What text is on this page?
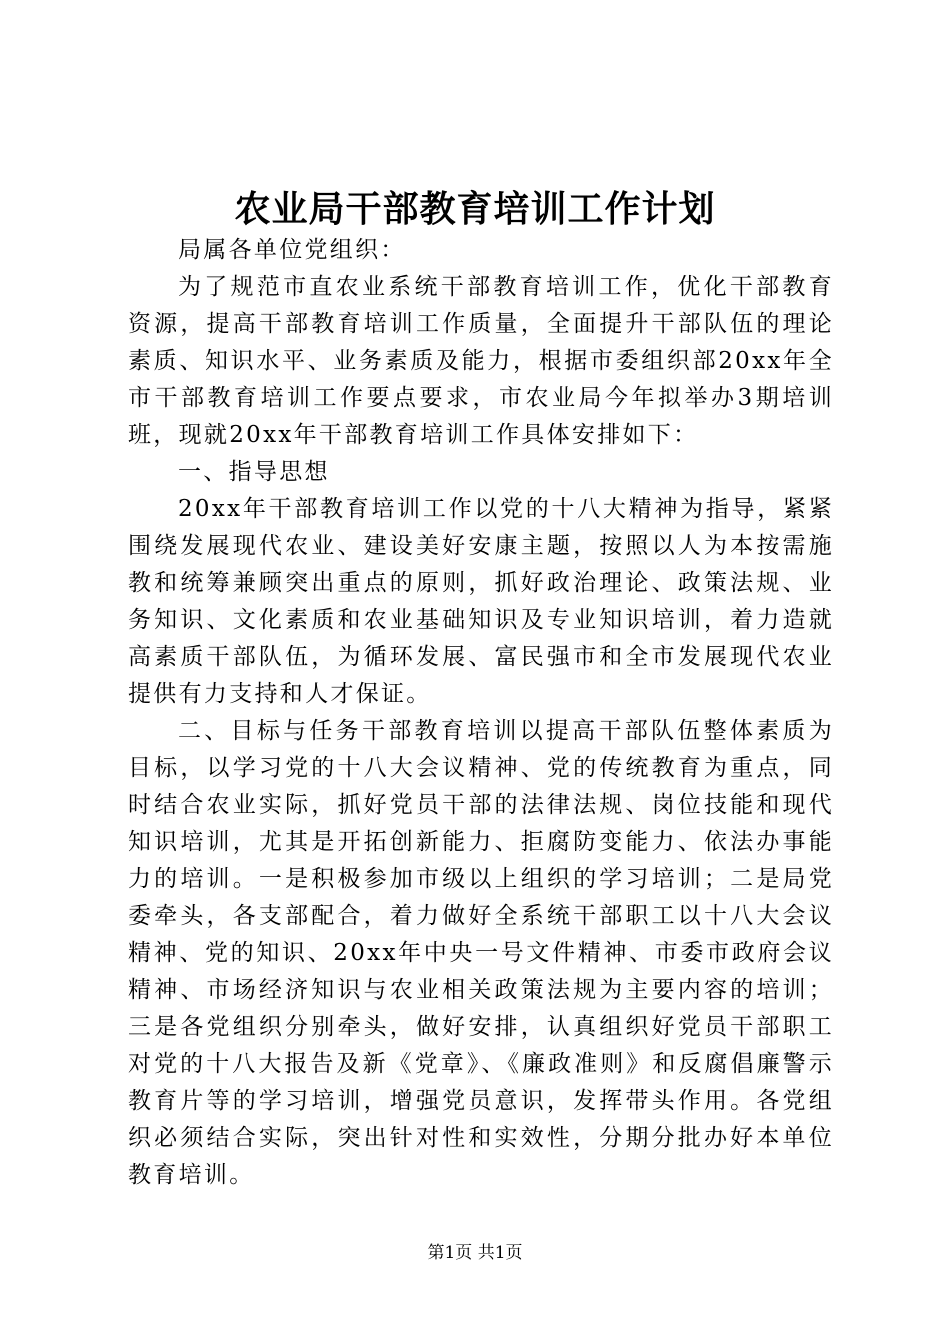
农业局干部教育培训工作计划

局属各单位党组织：

为了规范市直农业系统干部教育培训工作，优化干部教育资源，提高干部教育培训工作质量，全面提升干部队伍的理论素质、知识水平、业务素质及能力，根据市委组织部20xx年全市干部教育培训工作要点要求，市农业局今年拟举办3期培训班，现就20xx年干部教育培训工作具体安排如下：

一、指导思想

20xx年干部教育培训工作以党的十八大精神为指导，紧紧围绕发展现代农业、建设美好安康主题，按照以人为本按需施教和统筹兼顾突出重点的原则，抓好政治理论、政策法规、业务知识、文化素质和农业基础知识及专业知识培训，着力造就高素质干部队伍，为循环发展、富民强市和全市发展现代农业提供有力支持和人才保证。

二、目标与任务干部教育培训以提高干部队伍整体素质为目标，以学习党的十八大会议精神、党的传统教育为重点，同时结合农业实际，抓好党员干部的法律法规、岗位技能和现代知识培训，尤其是开拓创新能力、拒腐防变能力、依法办事能力的培训。一是积极参加市级以上组织的学习培训；二是局党委牵头，各支部配合，着力做好全系统干部职工以十八大会议精神、党的知识、20xx年中央一号文件精神、市委市政府会议精神、市场经济知识与农业相关政策法规为主要内容的培训；三是各党组织分别牵头，做好安排，认真组织好党员干部职工对党的十八大报告及新《党章》、《廉政准则》和反腐倡廉警示教育片等的学习培训，增强党员意识，发挥带头作用。各党组织必须结合实际，突出针对性和实效性，分期分批办好本单位教育培训。

第1页 共1页
